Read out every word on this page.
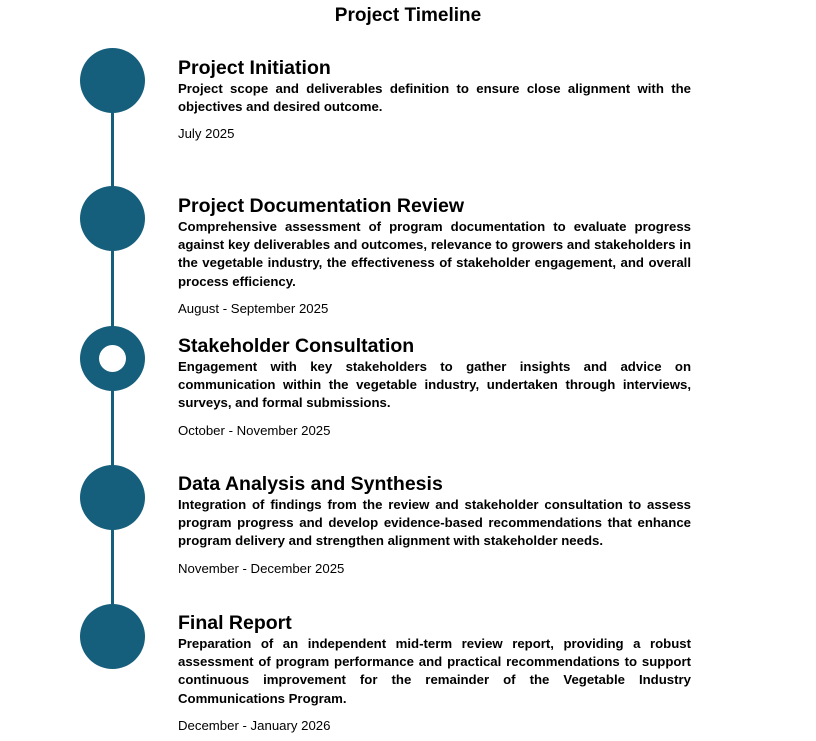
Project Timeline
Project Initiation

Project scope and deliverables definition to ensure close alignment with the objectives and desired outcome.

July 2025
Project Documentation Review

Comprehensive assessment of program documentation to evaluate progress against key deliverables and outcomes, relevance to growers and stakeholders in the vegetable industry, the effectiveness of stakeholder engagement, and overall process efficiency.

August - September 2025
Stakeholder Consultation

Engagement with key stakeholders to gather insights and advice on communication within the vegetable industry, undertaken through interviews, surveys, and formal submissions.

October - November 2025
Data Analysis and Synthesis

Integration of findings from the review and stakeholder consultation to assess program progress and develop evidence-based recommendations that enhance program delivery and strengthen alignment with stakeholder needs.

November - December 2025
Final Report

Preparation of an independent mid-term review report, providing a robust assessment of program performance and practical recommendations to support continuous improvement for the remainder of the Vegetable Industry Communications Program.

December - January 2026
